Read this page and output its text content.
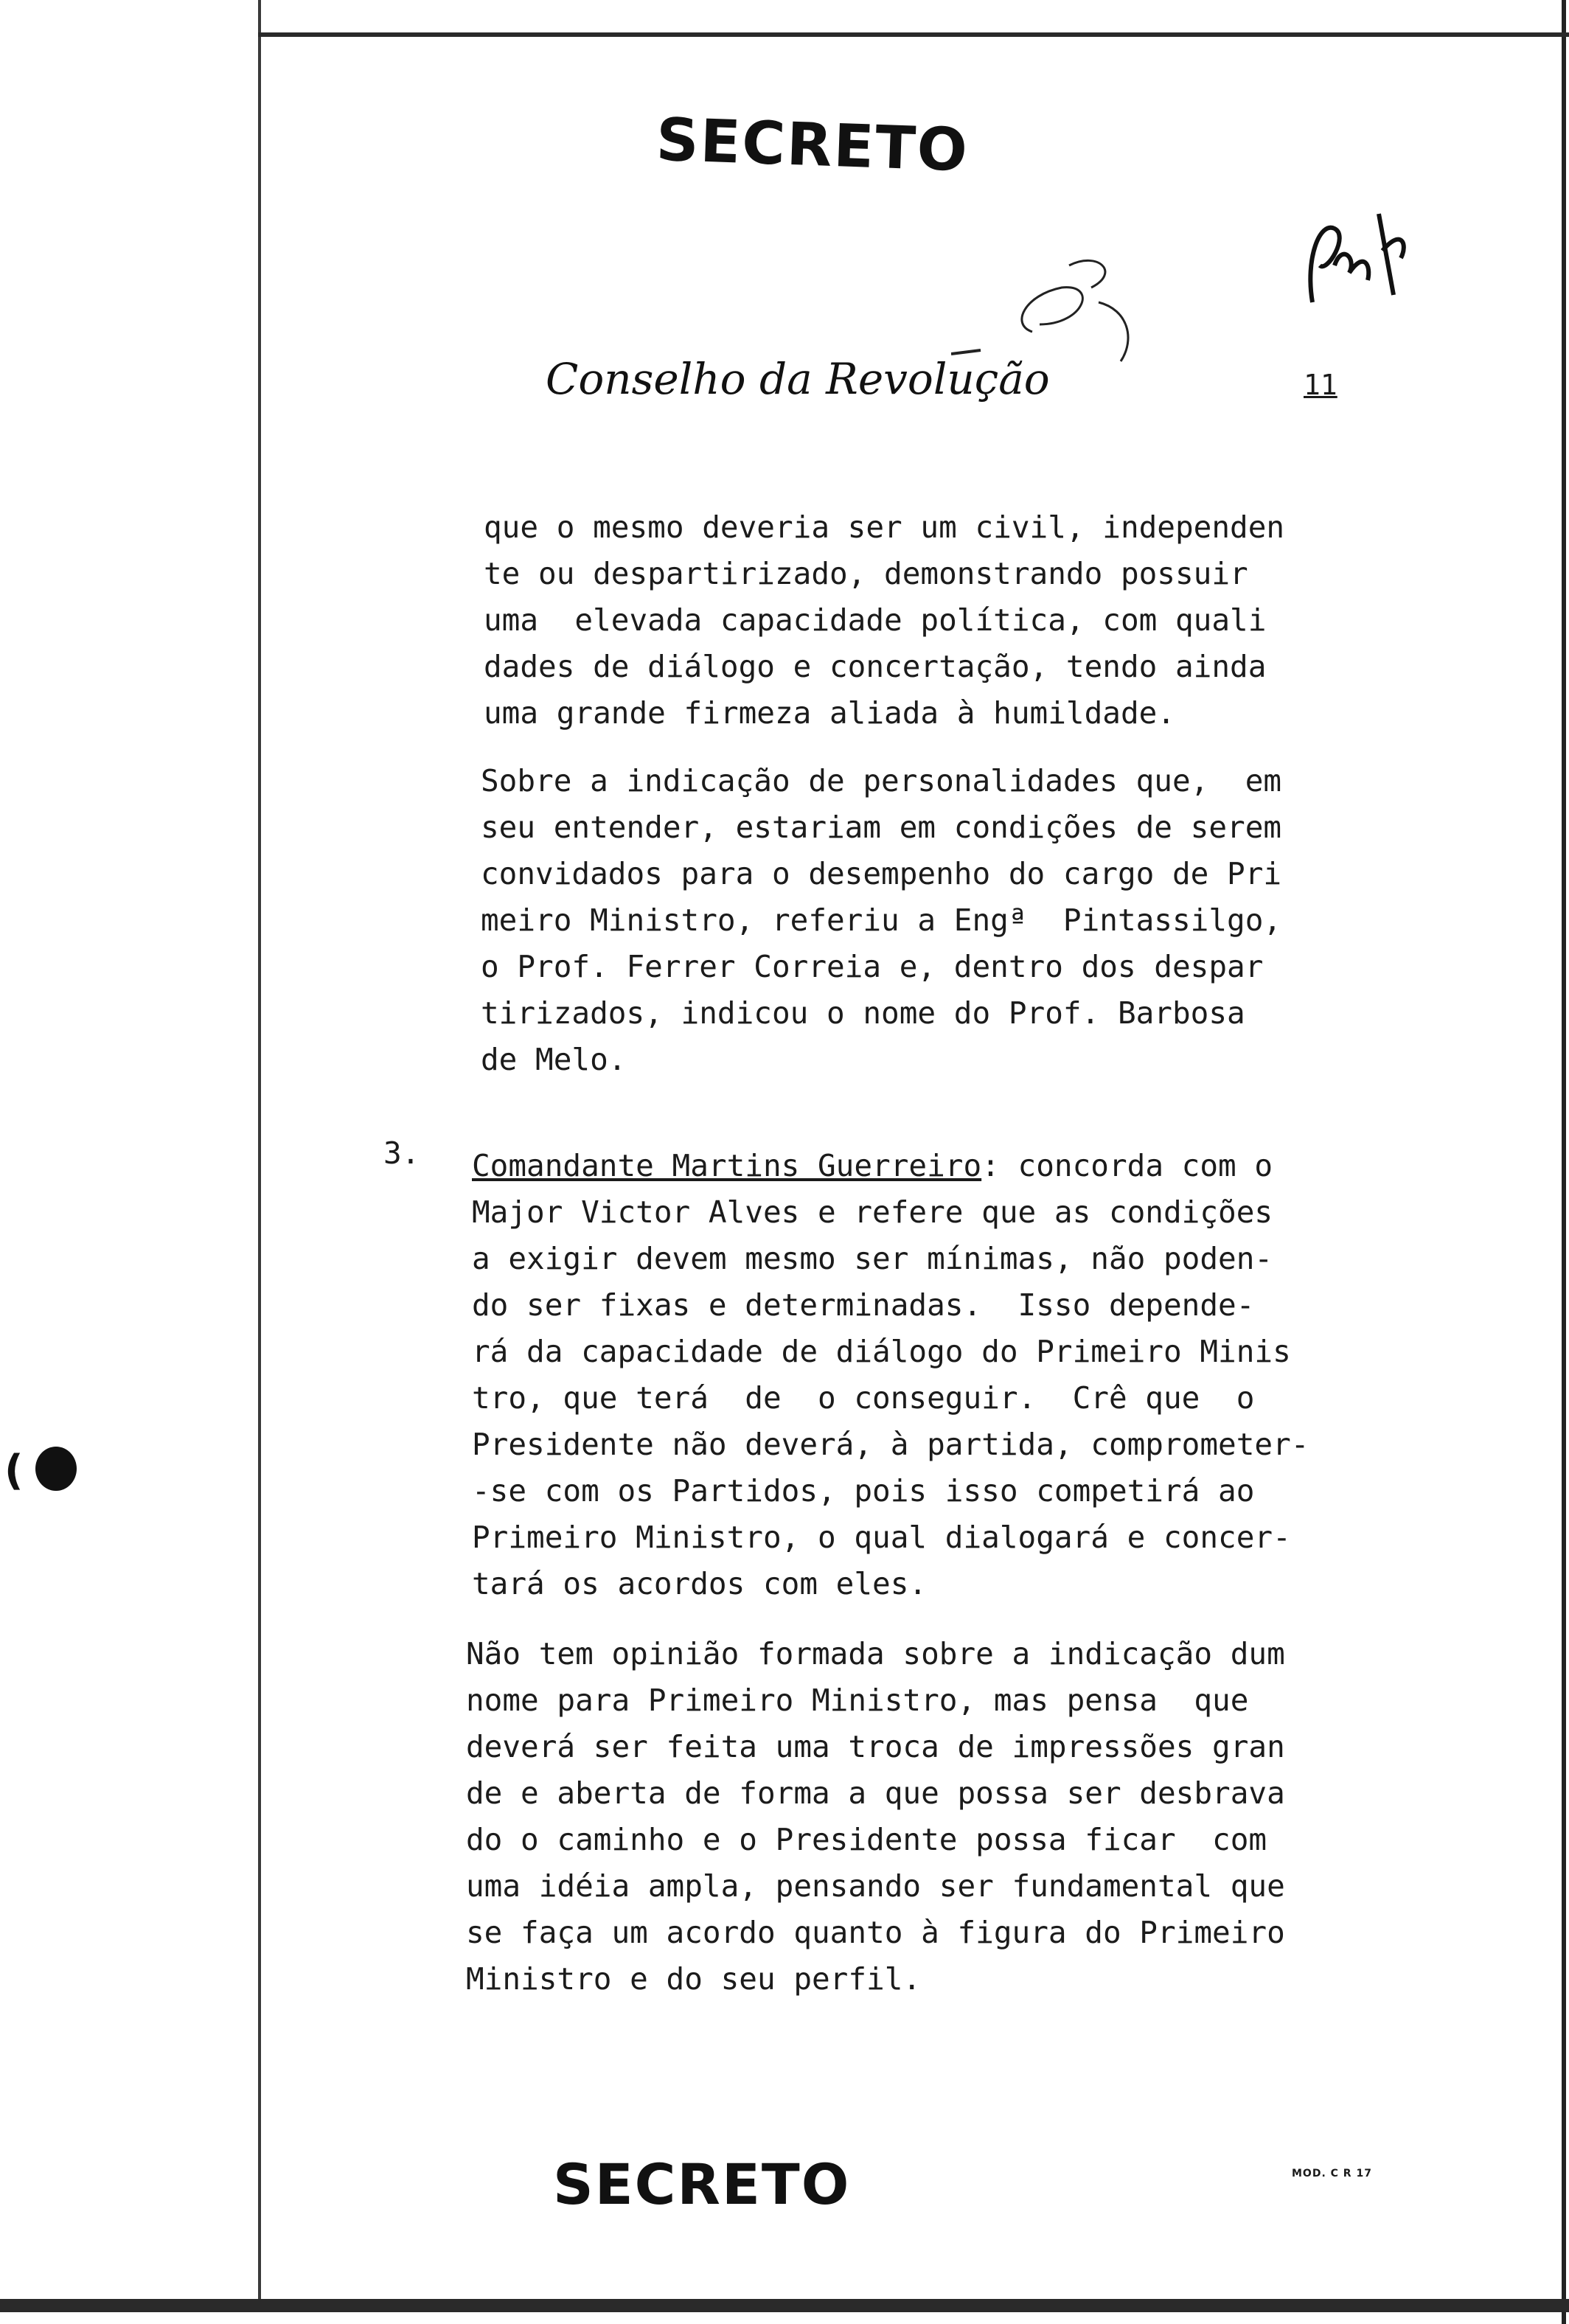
SECRETO

Conselho da Revolução	11

que o mesmo deveria ser um civil, independen
te ou despartirizado, demonstrando possuir
uma  elevada capacidade política, com quali
dades de diálogo e concertação, tendo ainda
uma grande firmeza aliada à humildade.

Sobre a indicação de personalidades que,  em
seu entender, estariam em condições de serem
convidados para o desempenho do cargo de Pri
meiro Ministro, referiu a Engª  Pintassilgo,
o Prof. Ferrer Correia e, dentro dos despar
tirizados, indicou o nome do Prof. Barbosa
de Melo.

3. Comandante Martins Guerreiro: concorda com o
Major Victor Alves e refere que as condições
a exigir devem mesmo ser mínimas, não poden-
do ser fixas e determinadas.  Isso depende-
rá da capacidade de diálogo do Primeiro Minis
tro, que terá  de  o conseguir.  Crê que  o
Presidente não deverá, à partida, comprometer-
-se com os Partidos, pois isso competirá ao
Primeiro Ministro, o qual dialogará e concer-
tará os acordos com eles.

Não tem opinião formada sobre a indicação dum
nome para Primeiro Ministro, mas pensa  que
deverá ser feita uma troca de impressões gran
de e aberta de forma a que possa ser desbrava
do o caminho e o Presidente possa ficar  com
uma idéia ampla, pensando ser fundamental que
se faça um acordo quanto à figura do Primeiro
Ministro e do seu perfil.

(

SECRETO	MOD. C R 17
